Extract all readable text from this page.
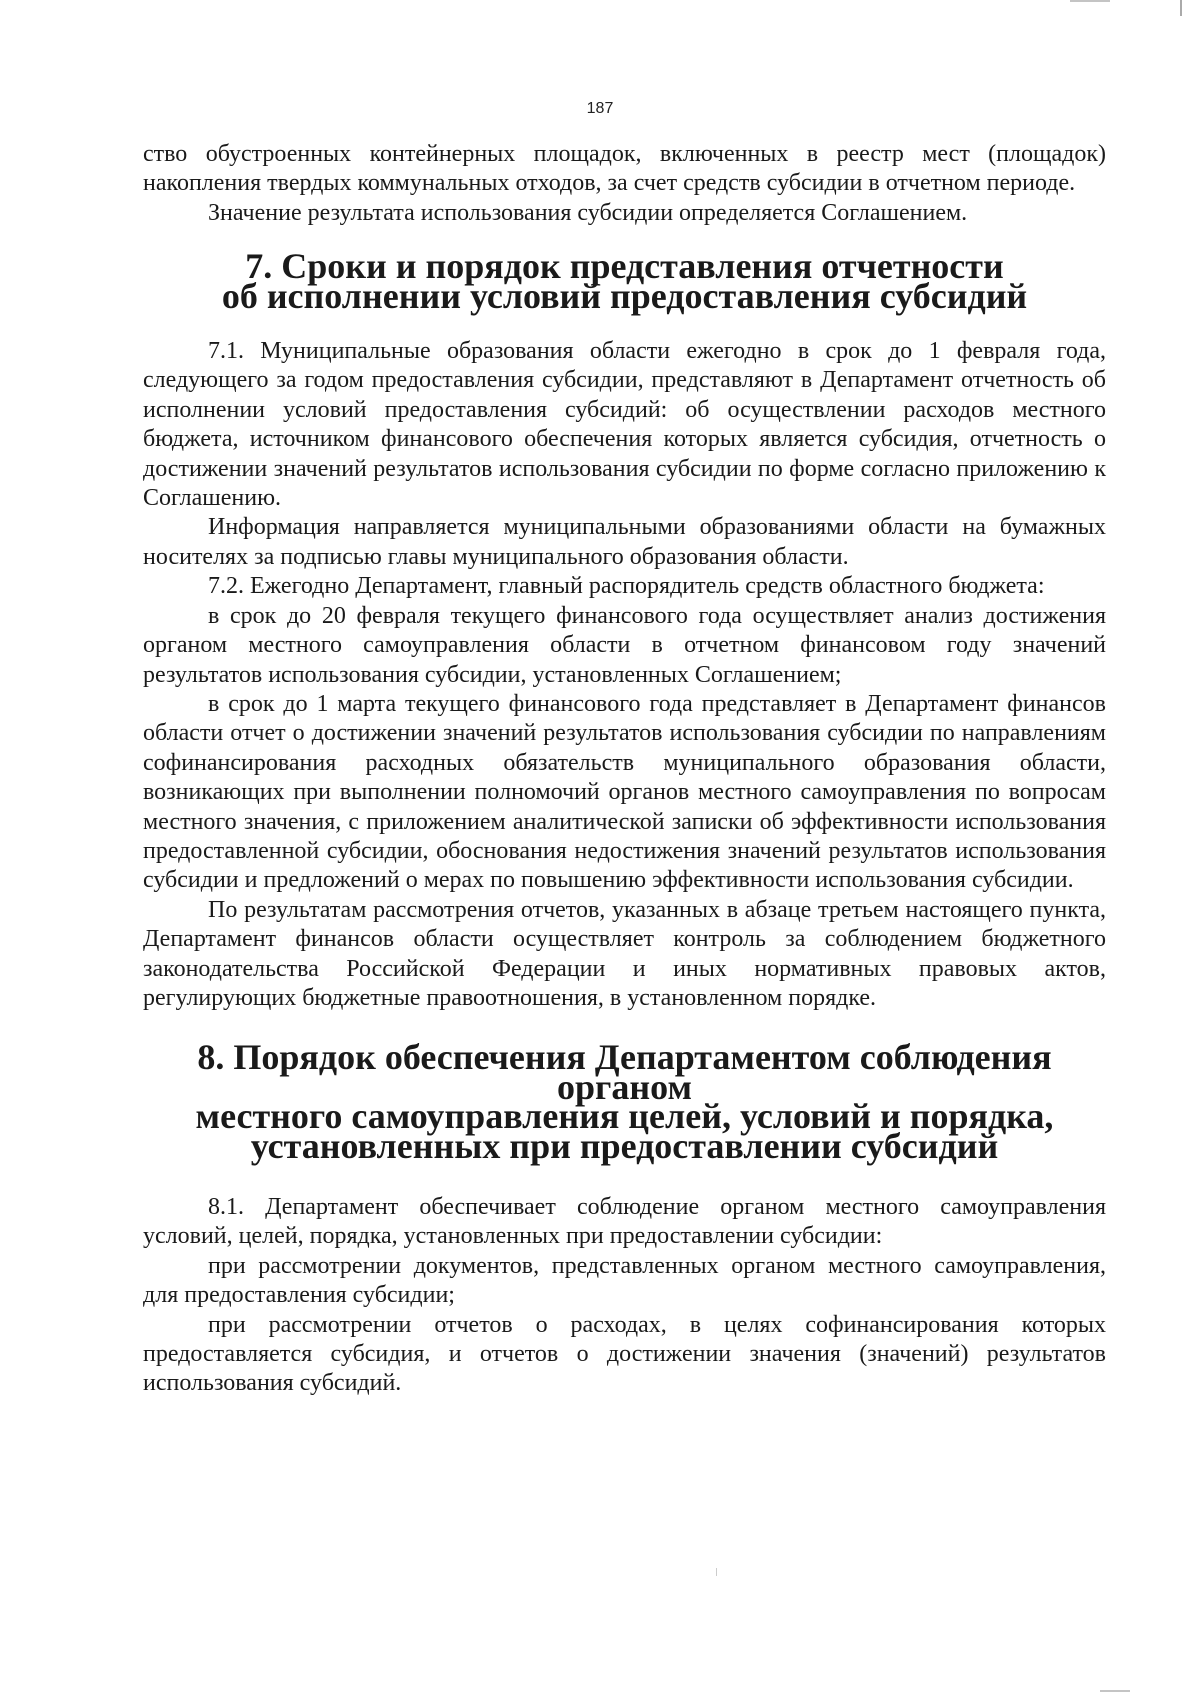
187

ство обустроенных контейнерных площадок, включенных в реестр мест (площадок) накопления твердых коммунальных отходов, за счет средств субсидии в отчетном периоде.

Значение результата использования субсидии определяется Соглашением.

7. Сроки и порядок представления отчетности
об исполнении условий предоставления субсидий

7.1. Муниципальные образования области ежегодно в срок до 1 февраля года, следующего за годом предоставления субсидии, представляют в Департамент отчетность об исполнении условий предоставления субсидий: об осуществлении расходов местного бюджета, источником финансового обеспечения которых является субсидия, отчетность о достижении значений результатов использования субсидии по форме согласно приложению к Соглашению.

Информация направляется муниципальными образованиями области на бумажных носителях за подписью главы муниципального образования области.

7.2. Ежегодно Департамент, главный распорядитель средств областного бюджета:

в срок до 20 февраля текущего финансового года осуществляет анализ достижения органом местного самоуправления области в отчетном финансовом году значений результатов использования субсидии, установленных Соглашением;

в срок до 1 марта текущего финансового года представляет в Департамент финансов области отчет о достижении значений результатов использования субсидии по направлениям софинансирования расходных обязательств муниципального образования области, возникающих при выполнении полномочий органов местного самоуправления по вопросам местного значения, с приложением аналитической записки об эффективности использования предоставленной субсидии, обоснования недостижения значений результатов использования субсидии и предложений о мерах по повышению эффективности использования субсидии.

По результатам рассмотрения отчетов, указанных в абзаце третьем настоящего пункта, Департамент финансов области осуществляет контроль за соблюдением бюджетного законодательства Российской Федерации и иных нормативных правовых актов, регулирующих бюджетные правоотношения, в установленном порядке.

8. Порядок обеспечения Департаментом соблюдения органом
местного самоуправления целей, условий и порядка,
установленных при предоставлении субсидий

8.1. Департамент обеспечивает соблюдение органом местного самоуправления условий, целей, порядка, установленных при предоставлении субсидии:

при рассмотрении документов, представленных органом местного самоуправления, для предоставления субсидии;

при рассмотрении отчетов о расходах, в целях софинансирования которых предоставляется субсидия, и отчетов о достижении значения (значений) результатов использования субсидий.
